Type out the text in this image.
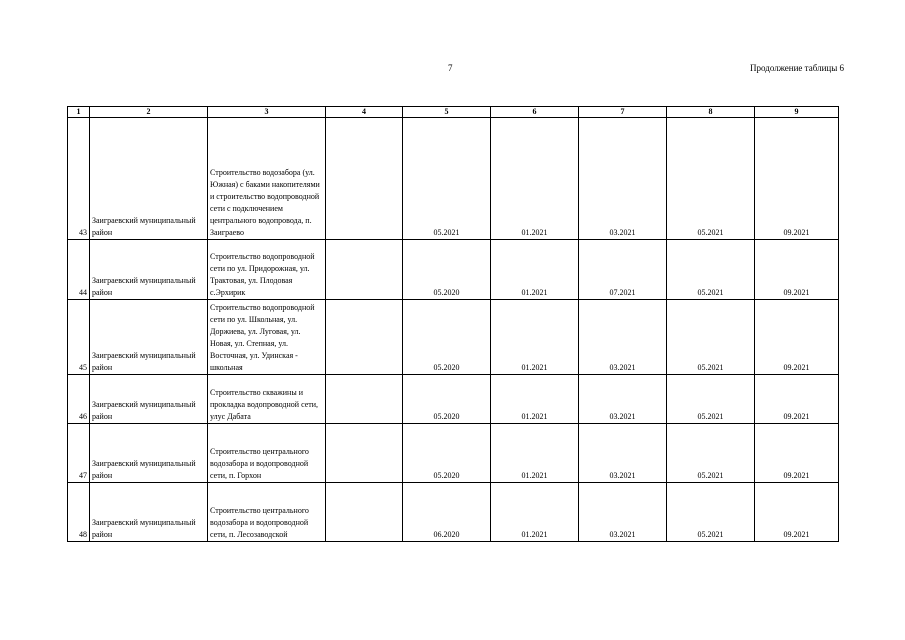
7	Продолжение таблицы 6
1	2	3	4	5	6	7	8	9
43	Заиграевский муниципальный район	Строительство водозабора (ул. Южная) с баками накопителями и строительство водопроводной сети с подключением центрального водопровода, п. Заиграево		05.2021	01.2021	03.2021	05.2021	09.2021
44	Заиграевский муниципальный район	Строительство водопроводной сети по ул. Придорожная, ул. Трактовая, ул. Плодовая с.Эрхирик		05.2020	01.2021	07.2021	05.2021	09.2021
45	Заиграевский муниципальный район	Строительство водопроводной сети по ул. Школьная, ул. Доржиева, ул. Луговая, ул. Новая, ул. Степная, ул. Восточная, ул. Удинская - школьная		05.2020	01.2021	03.2021	05.2021	09.2021
46	Заиграевский муниципальный район	Строительство скважины и прокладка водопроводной сети, улус Дабата		05.2020	01.2021	03.2021	05.2021	09.2021
47	Заиграевский муниципальный район	Строительство центрального водозабора и водопроводной сети, п. Горхон		05.2020	01.2021	03.2021	05.2021	09.2021
48	Заиграевский муниципальный район	Строительство центрального водозабора и водопроводной сети, п. Лесозаводской		06.2020	01.2021	03.2021	05.2021	09.2021
